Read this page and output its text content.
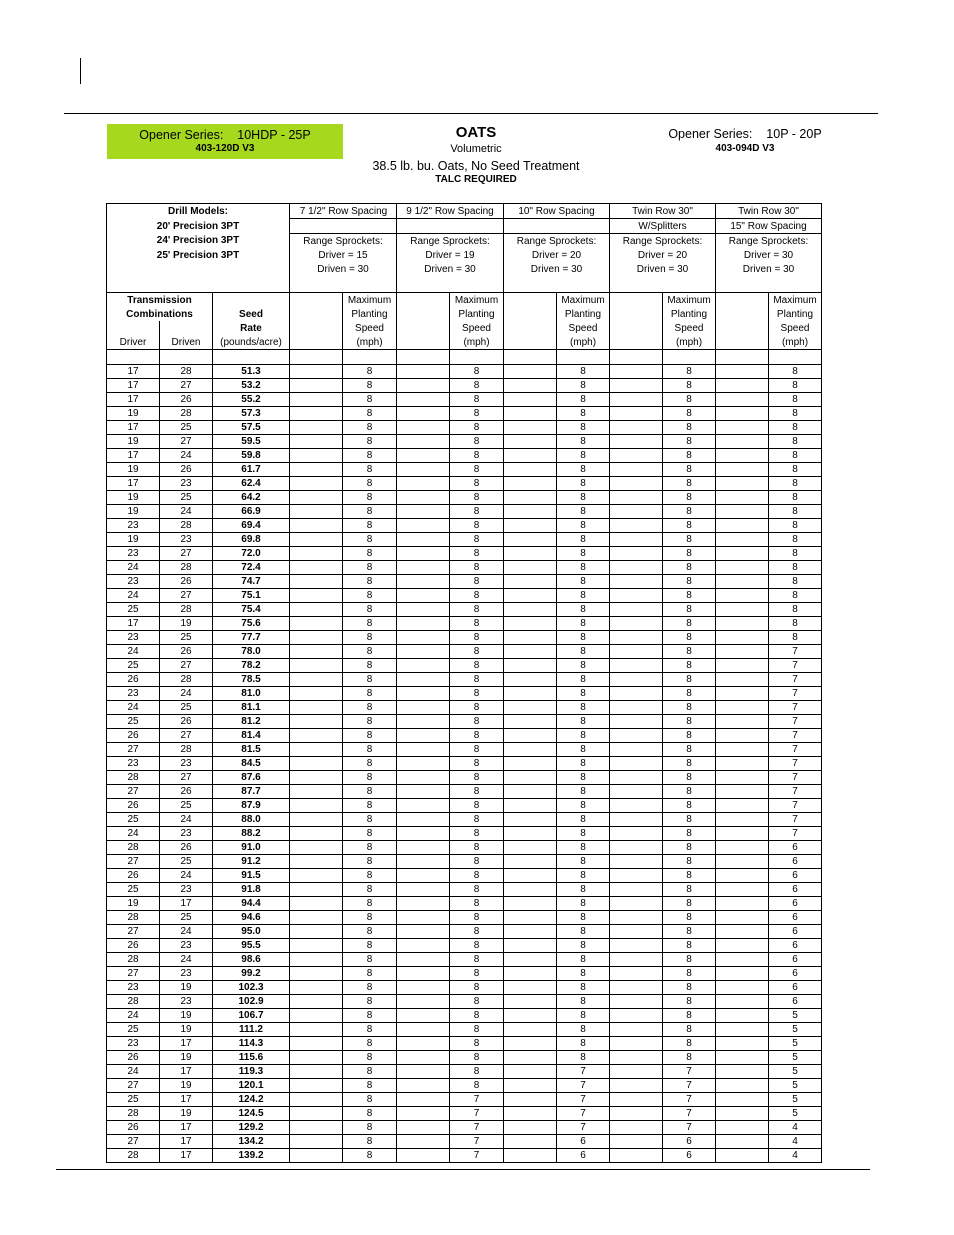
Opener Series: 10HDP - 25P
403-120D V3
OATS
Volumetric
38.5 lb. bu. Oats, No Seed Treatment
TALC REQUIRED
Opener Series: 10P - 20P
403-094D V3
Drill Models:			7 1/2" Row Spacing		9 1/2" Row Spacing		10" Row Spacing		Twin Row 30"		Twin Row 30"	
20' Precision 3PT									W/Splitters		15" Row Spacing	
24' Precision 3PT			Range Sprockets:		Range Sprockets:		Range Sprockets:		Range Sprockets:		Range Sprockets:	
25' Precision 3PT			Driver = 15		Driver = 19		Driver = 20		Driver = 20		Driver = 30	
			Driven = 30		Driven = 30		Driven = 30		Driven = 30		Driven = 30	

Transmission				Maximum		Maximum		Maximum		Maximum		Maximum
Combinations		Seed		Planting		Planting		Planting		Planting		Planting
		Rate		Speed		Speed		Speed		Speed		Speed
Driver	Driven	(pounds/acre)		(mph)		(mph)		(mph)		(mph)		(mph)

17	28	51.3		8		8		8		8		8
17	27	53.2		8		8		8		8		8
17	26	55.2		8		8		8		8		8
19	28	57.3		8		8		8		8		8
17	25	57.5		8		8		8		8		8
19	27	59.5		8		8		8		8		8
17	24	59.8		8		8		8		8		8
19	26	61.7		8		8		8		8		8
17	23	62.4		8		8		8		8		8
19	25	64.2		8		8		8		8		8
19	24	66.9		8		8		8		8		8
23	28	69.4		8		8		8		8		8
19	23	69.8		8		8		8		8		8
23	27	72.0		8		8		8		8		8
24	28	72.4		8		8		8		8		8
23	26	74.7		8		8		8		8		8
24	27	75.1		8		8		8		8		8
25	28	75.4		8		8		8		8		8
17	19	75.6		8		8		8		8		8
23	25	77.7		8		8		8		8		8
24	26	78.0		8		8		8		8		7
25	27	78.2		8		8		8		8		7
26	28	78.5		8		8		8		8		7
23	24	81.0		8		8		8		8		7
24	25	81.1		8		8		8		8		7
25	26	81.2		8		8		8		8		7
26	27	81.4		8		8		8		8		7
27	28	81.5		8		8		8		8		7
23	23	84.5		8		8		8		8		7
28	27	87.6		8		8		8		8		7
27	26	87.7		8		8		8		8		7
26	25	87.9		8		8		8		8		7
25	24	88.0		8		8		8		8		7
24	23	88.2		8		8		8		8		7
28	26	91.0		8		8		8		8		6
27	25	91.2		8		8		8		8		6
26	24	91.5		8		8		8		8		6
25	23	91.8		8		8		8		8		6
19	17	94.4		8		8		8		8		6
28	25	94.6		8		8		8		8		6
27	24	95.0		8		8		8		8		6
26	23	95.5		8		8		8		8		6
28	24	98.6		8		8		8		8		6
27	23	99.2		8		8		8		8		6
23	19	102.3		8		8		8		8		6
28	23	102.9		8		8		8		8		6
24	19	106.7		8		8		8		8		5
25	19	111.2		8		8		8		8		5
23	17	114.3		8		8		8		8		5
26	19	115.6		8		8		8		8		5
24	17	119.3		8		8		7		7		5
27	19	120.1		8		8		7		7		5
25	17	124.2		8		7		7		7		5
28	19	124.5		8		7		7		7		5
26	17	129.2		8		7		7		7		4
27	17	134.2		8		7		6		6		4
28	17	139.2		8		7		6		6		4
